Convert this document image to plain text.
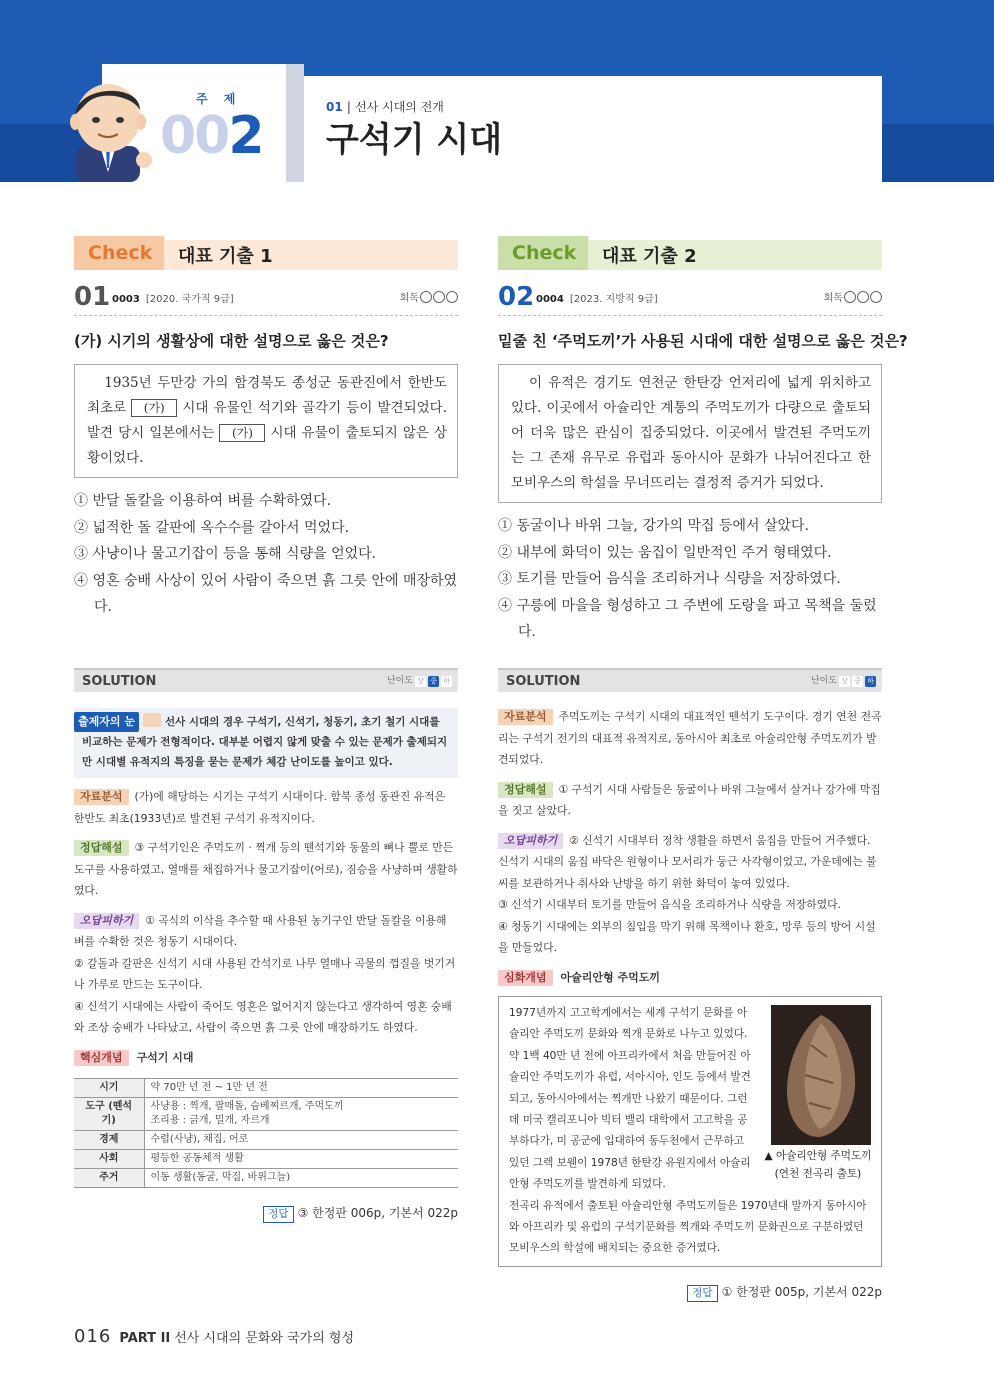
주 제
002	01 | 선사 시대의 전개
구석기 시대
Check	대표 기출 1
01 0003 [2020. 국가직 9급]	회독
(가) 시기의 생활상에 대한 설명으로 옳은 것은?
1935년 두만강 가의 함경북도 종성군 동관진에서 한반도 최초로 (가) 시대 유물인 석기와 골각기 등이 발견되었다. 발견 당시 일본에서는 (가) 시대 유물이 출토되지 않은 상황이었다.
① 반달 돌칼을 이용하여 벼를 수확하였다.
② 넓적한 돌 갈판에 옥수수를 갈아서 먹었다.
③ 사냥이나 물고기잡이 등을 통해 식량을 얻었다.
④ 영혼 숭배 사상이 있어 사람이 죽으면 흙 그릇 안에 매장하였다.
Check	대표 기출 2
02 0004 [2023. 지방직 9급]	회독
밑줄 친 ‘주먹도끼’가 사용된 시대에 대한 설명으로 옳은 것은?
이 유적은 경기도 연천군 한탄강 언저리에 넓게 위치하고 있다. 이곳에서 아슐리안 계통의 주먹도끼가 다량으로 출토되어 더욱 많은 관심이 집중되었다. 이곳에서 발견된 주먹도끼는 그 존재 유무로 유럽과 동아시아 문화가 나뉘어진다고 한 모비우스의 학설을 무너뜨리는 결정적 증거가 되었다.
① 동굴이나 바위 그늘, 강가의 막집 등에서 살았다.
② 내부에 화덕이 있는 움집이 일반적인 주거 형태였다.
③ 토기를 만들어 음식을 조리하거나 식량을 저장하였다.
④ 구릉에 마을을 형성하고 그 주변에 도랑을 파고 목책을 둘렀다.
SOLUTION	난이도 상 중 하
출제자의 눈	선사 시대의 경우 구석기, 신석기, 청동기, 초기 철기 시대를 비교하는 문제가 전형적이다. 대부분 어렵지 않게 맞출 수 있는 문제가 출제되지만 시대별 유적지의 특징을 묻는 문제가 체감 난이도를 높이고 있다.
자료분석 (가)에 해당하는 시기는 구석기 시대이다. 함북 종성 동관진 유적은 한반도 최초(1933년)로 발견된 구석기 유적지이다.
정답해설 ③ 구석기인은 주먹도끼 · 찍개 등의 뗀석기와 동물의 뼈나 뿔로 만든 도구를 사용하였고, 열매를 채집하거나 물고기잡이(어로), 짐승을 사냥하며 생활하였다.
오답피하기 ① 곡식의 이삭을 추수할 때 사용된 농기구인 반달 돌칼을 이용해 벼를 수확한 것은 청동기 시대이다.
② 갈돌과 갈판은 신석기 시대 사용된 간석기로 나무 열매나 곡물의 껍질을 벗기거나 가루로 만드는 도구이다.
④ 신석기 시대에는 사람이 죽어도 영혼은 없어지지 않는다고 생각하여 영혼 숭배와 조상 숭배가 나타났고, 사람이 죽으면 흙 그릇 안에 매장하기도 하였다.
핵심개념 구석기 시대
시기	약 70만 년 전 ~ 1만 년 전
도구 (뗀석기)	사냥용 : 찍개, 팔매돌, 슴베찌르개, 주먹도끼
조리용 : 긁개, 밀개, 자르개

경제	수렵(사냥), 채집, 어로
사회	평등한 공동체적 생활
주거	이동 생활(동굴, 막집, 바위그늘)
정답 ③ 한정판 006p, 기본서 022p
SOLUTION	난이도 상 중 하
자료분석 주먹도끼는 구석기 시대의 대표적인 뗀석기 도구이다. 경기 연천 전곡리는 구석기 전기의 대표적 유적지로, 동아시아 최초로 아슐리안형 주먹도끼가 발견되었다.
정답해설 ① 구석기 시대 사람들은 동굴이나 바위 그늘에서 살거나 강가에 막집을 짓고 살았다.
오답피하기 ② 신석기 시대부터 정착 생활을 하면서 움집을 만들어 거주했다. 신석기 시대의 움집 바닥은 원형이나 모서리가 둥근 사각형이었고, 가운데에는 불씨를 보관하거나 취사와 난방을 하기 위한 화덕이 놓여 있었다.
③ 신석기 시대부터 토기를 만들어 음식을 조리하거나 식량을 저장하였다.
④ 청동기 시대에는 외부의 침입을 막기 위해 목책이나 환호, 망루 등의 방어 시설을 만들었다.
심화개념 아슐리안형 주먹도끼
1977년까지 고고학계에서는 세계 구석기 문화를 아슐리안 주먹도끼 문화와 찍개 문화로 나누고 있었다. 약 1백 40만 년 전에 아프리카에서 처음 만들어진 아슐리안 주먹도끼가 유럽, 서아시아, 인도 등에서 발견되고, 동아시아에서는 찍개만 나왔기 때문이다. 그런데 미국 캘리포니아 빅터 밸리 대학에서 고고학을 공부하다가, 미 공군에 입대하여 동두천에서 근무하고 있던 그렉 보웬이 1978년 한탄강 유원지에서 아슐리안형 주먹도끼를 발견하게 되었다.
전곡리 유적에서 출토된 아슐리안형 주먹도끼들은 1970년대 말까지 동아시아와 아프리카 및 유럽의 구석기문화를 찍개와 주먹도끼 문화권으로 구분하였던 모비우스의 학설에 배치되는 중요한 증거였다.
▲ 아슐리안형 주먹도끼
(연천 전곡리 출토)
정답 ① 한정판 005p, 기본서 022p
016 PART II 선사 시대의 문화와 국가의 형성
